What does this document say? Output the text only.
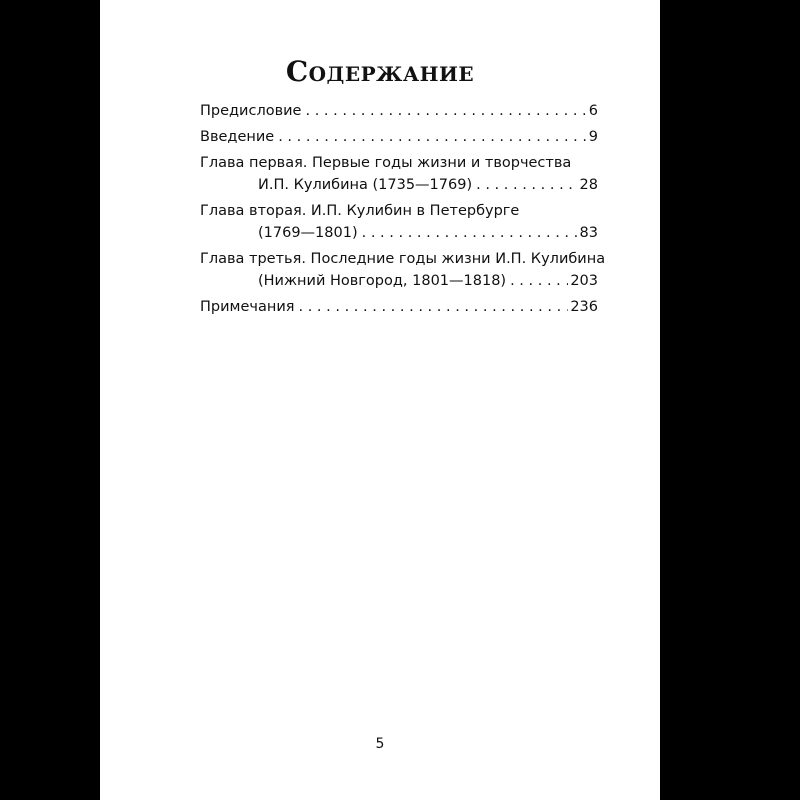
Содержание
Предисловие . . .	6
Введение . . .	9
Глава первая. Первые годы жизни и творчества
И.П. Кулибина (1735—1769) . . .	28
Глава вторая. И.П. Кулибин в Петербурге
(1769—1801) . . .	83
Глава третья. Последние годы жизни И.П. Кулибина
(Нижний Новгород, 1801—1818) . . .	203
Примечания . . .	236
5
